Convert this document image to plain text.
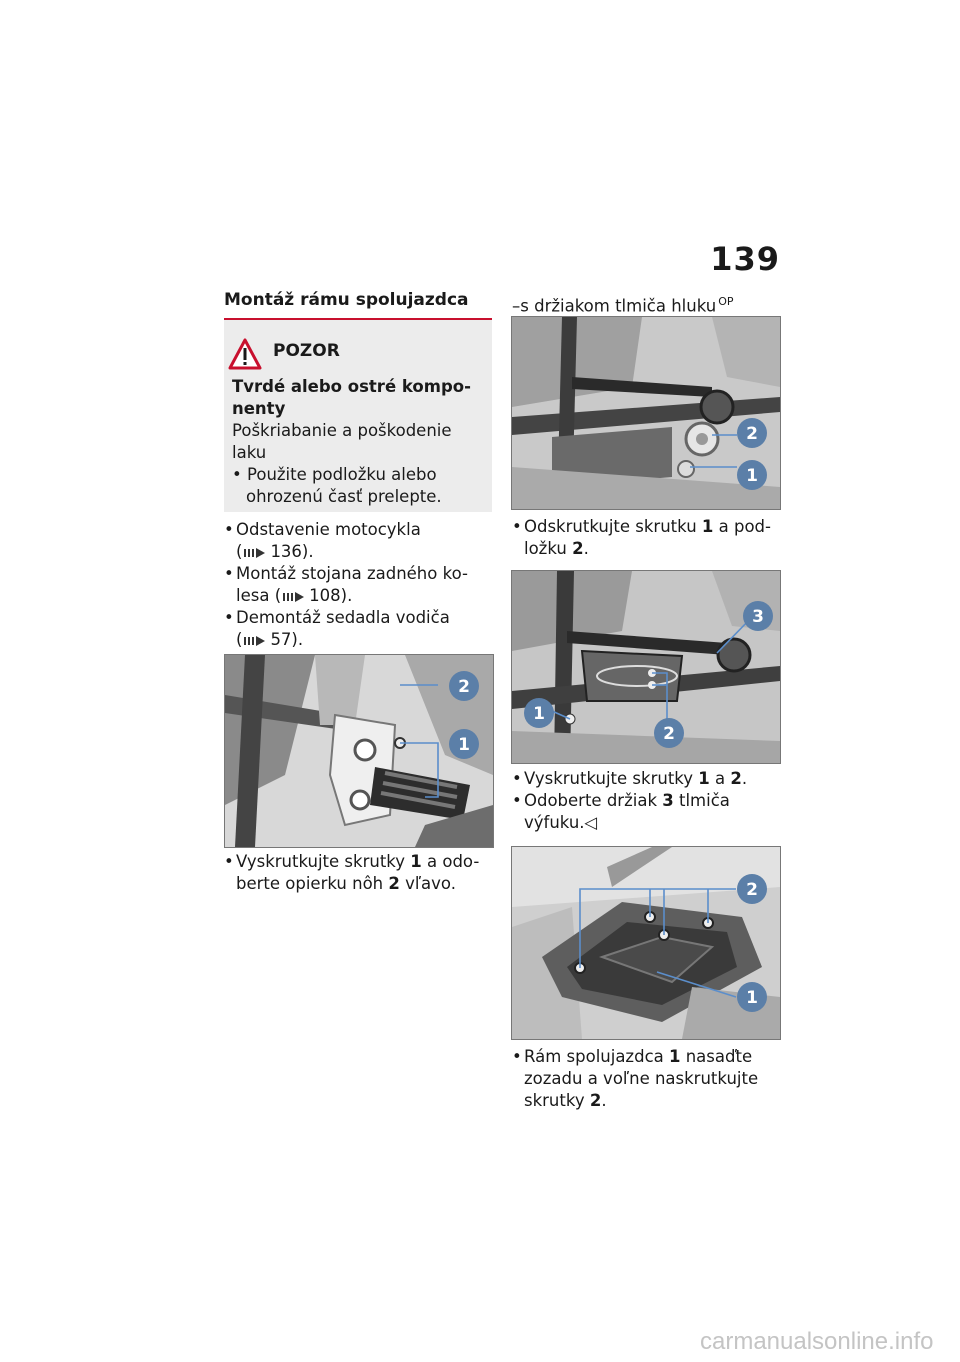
139
Montáž rámu spolujazdca
POZOR
Tvrdé alebo ostré kompo-
nenty
Poškriabanie a poškodenie
laku
• Použite podložku alebo
ohrozenú časť prelepte.
• Odstavenie motocykla
( 136).
• Montáž stojana zadného ko-
lesa ( 108).
• Demontáž sedadla vodiča
( 57).
2
1
• Vyskrutkujte skrutky 1 a odo-
berte opierku nôh 2 vľavo.
–s držiakom tlmiča hluku $^{OP}$
2
1
• Odskrutkujte skrutku 1 a pod-
ložku 2.
3
1
2
• Vyskrutkujte skrutky 1 a 2.
• Odoberte držiak 3 tlmiča
výfuku.◁
2
1
• Rám spolujazdca 1 nasaďte
zozadu a voľne naskrutkujte
skrutky 2.
carmanualsonline.info
